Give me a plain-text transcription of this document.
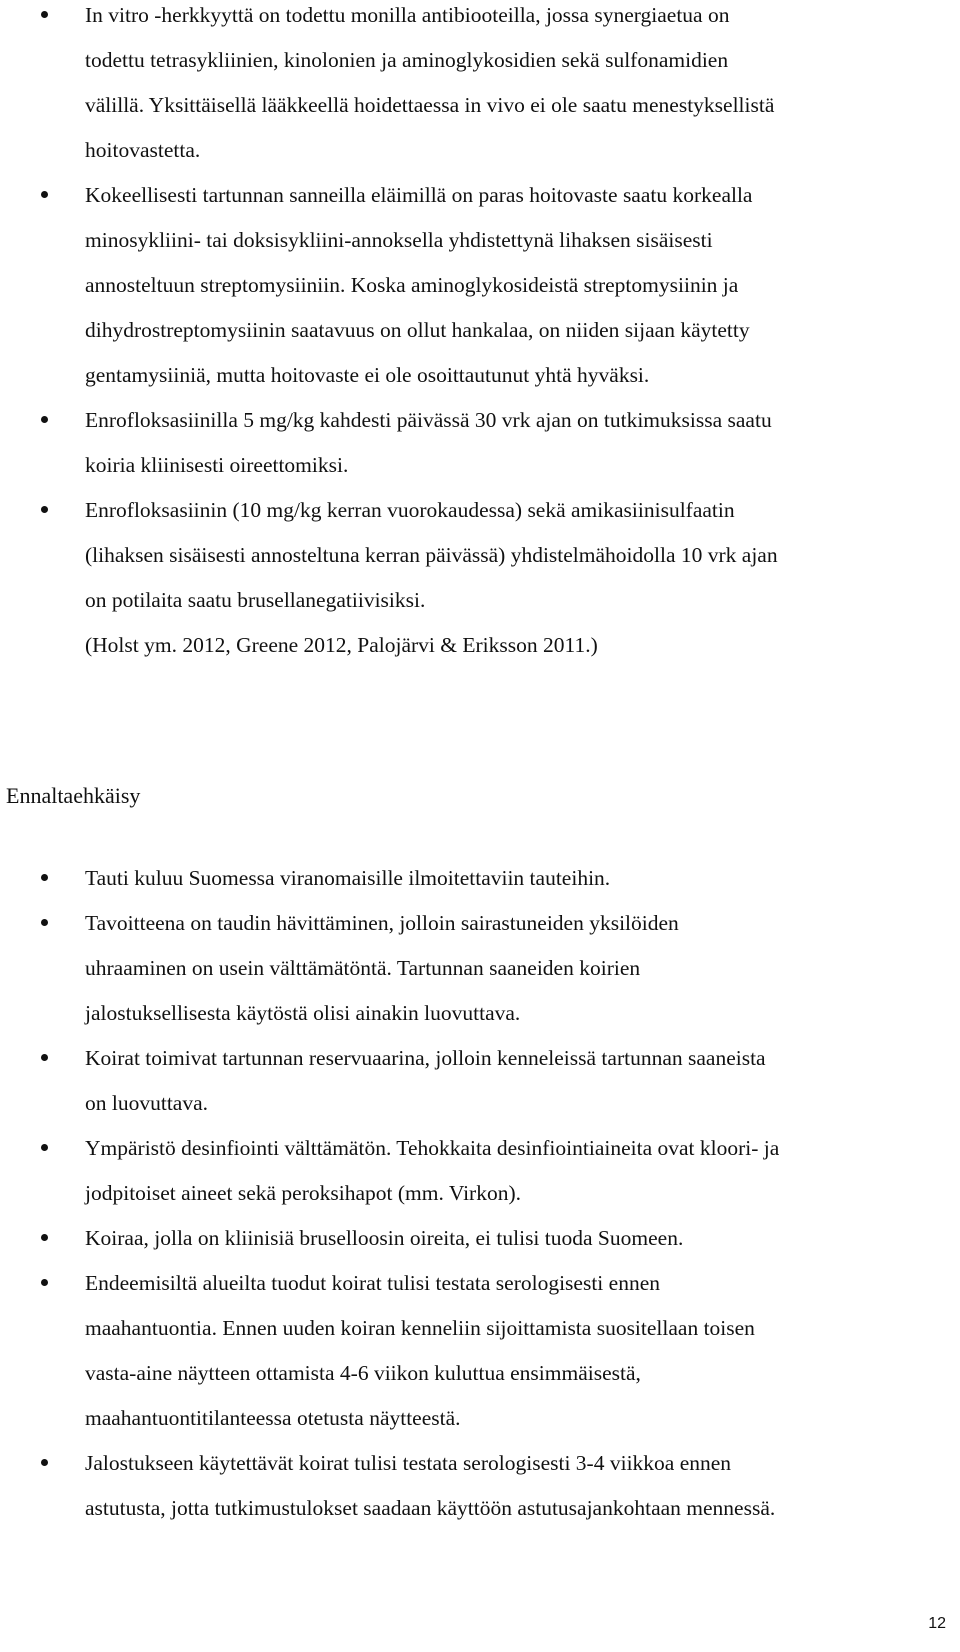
In vitro -herkkyyttä on todettu monilla antibiooteilla, jossa synergiaetua on
todettu tetrasykliinien, kinolonien ja aminoglykosidien sekä sulfonamidien
välillä. Yksittäisellä lääkkeellä hoidettaessa in vivo ei ole saatu menestyksellistä
hoitovastetta.
Kokeellisesti tartunnan sanneilla eläimillä on paras hoitovaste saatu korkealla
minosykliini- tai doksisykliini-annoksella yhdistettynä lihaksen sisäisesti
annosteltuun streptomysiiniin. Koska aminoglykosideistä streptomysiinin ja
dihydrostreptomysiinin saatavuus on ollut hankalaa, on niiden sijaan käytetty
gentamysiiniä, mutta hoitovaste ei ole osoittautunut yhtä hyväksi.
Enrofloksasiinilla 5 mg/kg kahdesti päivässä 30 vrk ajan on tutkimuksissa saatu
koiria kliinisesti oireettomiksi.
Enrofloksasiinin (10 mg/kg kerran vuorokaudessa) sekä amikasiinisulfaatin
(lihaksen sisäisesti annosteltuna kerran päivässä) yhdistelmähoidolla 10 vrk ajan
on potilaita saatu brusellanegatiivisiksi.
(Holst ym. 2012, Greene 2012, Palojärvi & Eriksson 2011.)
Ennaltaehkäisy
Tauti kuluu Suomessa viranomaisille ilmoitettaviin tauteihin.
Tavoitteena on taudin hävittäminen, jolloin sairastuneiden yksilöiden
uhraaminen on usein välttämätöntä. Tartunnan saaneiden koirien
jalostuksellisesta käytöstä olisi ainakin luovuttava.
Koirat toimivat tartunnan reservuaarina, jolloin kenneleissä tartunnan saaneista
on luovuttava.
Ympäristö desinfiointi välttämätön. Tehokkaita desinfiointiaineita ovat kloori- ja
jodpitoiset aineet sekä peroksihapot (mm. Virkon).
Koiraa, jolla on kliinisiä bruselloosin oireita, ei tulisi tuoda Suomeen.
Endeemisiltä alueilta tuodut koirat tulisi testata serologisesti ennen
maahantuontia. Ennen uuden koiran kenneliin sijoittamista suositellaan toisen
vasta-aine näytteen ottamista 4-6 viikon kuluttua ensimmäisestä,
maahantuontitilanteessa otetusta näytteestä.
Jalostukseen käytettävät koirat tulisi testata serologisesti 3-4 viikkoa ennen
astutusta, jotta tutkimustulokset saadaan käyttöön astutusajankohtaan mennessä.
12
